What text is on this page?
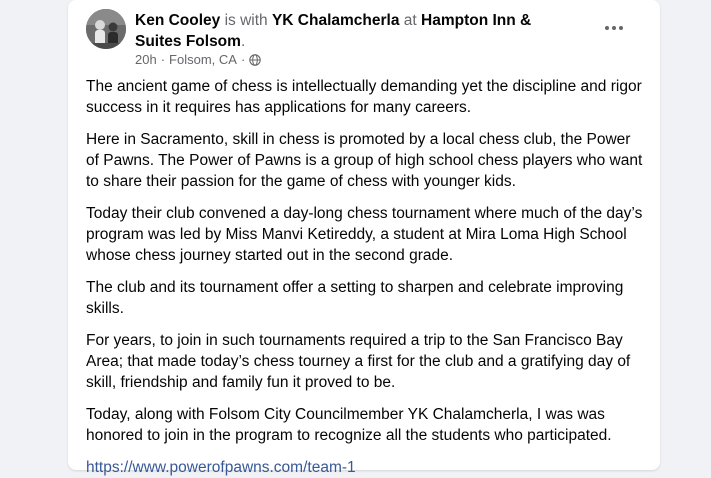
Ken Cooley is with YK Chalamcherla at Hampton Inn & Suites Folsom.
20h · Folsom, CA ·

The ancient game of chess is intellectually demanding yet the discipline and rigor success in it requires has applications for many careers.

Here in Sacramento, skill in chess is promoted by a local chess club, the Power of Pawns. The Power of Pawns is a group of high school chess players who want to share their passion for the game of chess with younger kids.

Today their club convened a day-long chess tournament where much of the day’s program was led by Miss Manvi Ketireddy, a student at Mira Loma High School whose chess journey started out in the second grade.

The club and its tournament offer a setting to sharpen and celebrate improving skills.

For years, to join in such tournaments required a trip to the San Francisco Bay Area; that made today’s chess tourney a first for the club and a gratifying day of skill, friendship and family fun it proved to be.

Today, along with Folsom City Councilmember YK Chalamcherla, I was was honored to join in the program to recognize all the students who participated.

https://www.powerofpawns.com/team-1
